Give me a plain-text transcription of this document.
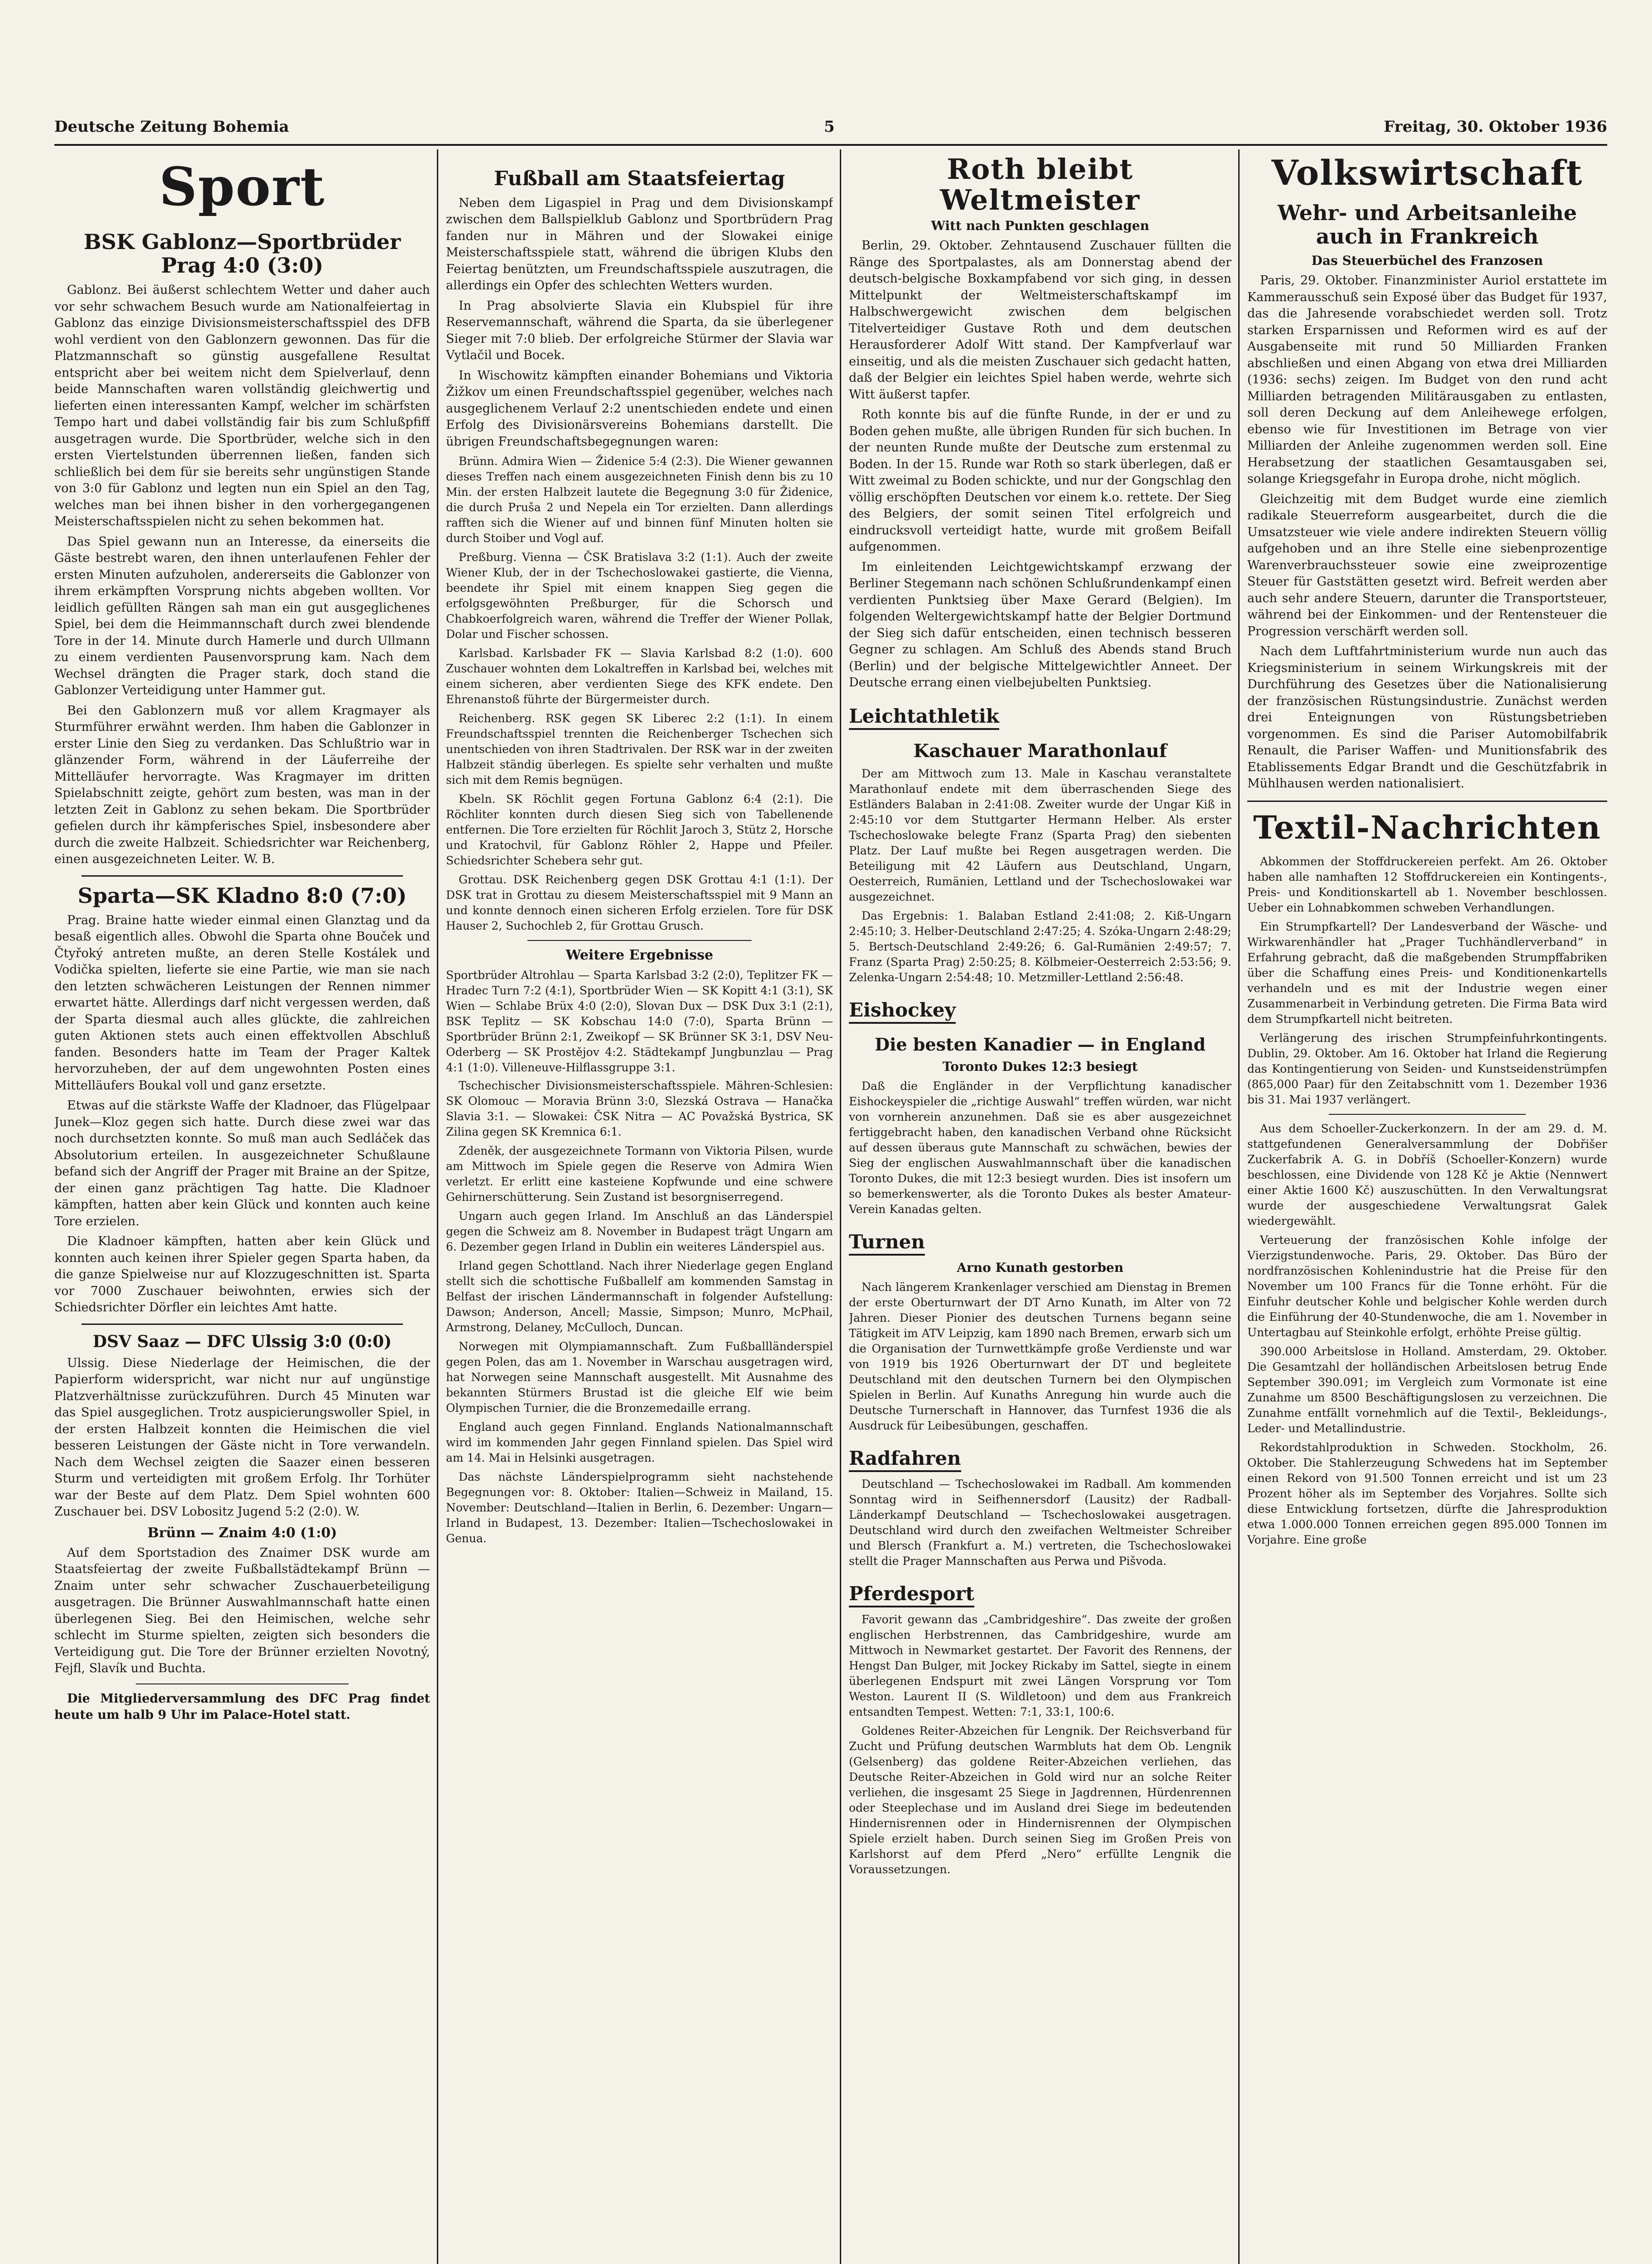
Deutsche Zeitung Bohemia	5	Freitag, 30. Oktober 1936
Sport
BSK Gablonz—Sportbrüder Prag 4:0 (3:0)

Gablonz. Bei äußerst schlechtem Wetter und daher auch vor sehr schwachem Besuch wurde am Nationalfeiertag in Gablonz das einzige Divisionsmeisterschaftsspiel des DFB wohl verdient von den Gablonzern gewonnen. Das für die Platzmannschaft so günstig ausgefallene Resultat entspricht aber bei weitem nicht dem Spielverlauf, denn beide Mannschaften waren vollständig gleichwertig und lieferten einen interessanten Kampf, welcher im schärfsten Tempo hart und dabei vollständig fair bis zum Schlußpfiff ausgetragen wurde. Die Sportbrüder, welche sich in den ersten Viertelstunden überrennen ließen, fanden sich schließlich bei dem für sie bereits sehr ungünstigen Stande von 3:0 für Gablonz und legten nun ein Spiel an den Tag, welches man bei ihnen bisher in den vorhergegangenen Meisterschaftsspielen nicht zu sehen bekommen hat.

Das Spiel gewann nun an Interesse, da einerseits die Gäste bestrebt waren, den ihnen unterlaufenen Fehler der ersten Minuten aufzuholen, andererseits die Gablonzer von ihrem erkämpften Vorsprung nichts abgeben wollten. Vor leidlich gefüllten Rängen sah man ein gut ausgeglichenes Spiel, bei dem die Heimmannschaft durch zwei blendende Tore in der 14. Minute durch Hamerle und durch Ullmann zu einem verdienten Pausenvorsprung kam. Nach dem Wechsel drängten die Prager stark, doch stand die Gablonzer Verteidigung unter Hammer gut.

Bei den Gablonzern muß vor allem Kragmayer als Sturmführer erwähnt werden. Ihm haben die Gablonzer in erster Linie den Sieg zu verdanken. Das Schlußtrio war in glänzender Form, während in der Läuferreihe der Mittelläufer hervorragte. Was Kragmayer im dritten Spielabschnitt zeigte, gehört zum besten, was man in der letzten Zeit in Gablonz zu sehen bekam. Die Sportbrüder gefielen durch ihr kämpferisches Spiel, insbesondere aber durch die zweite Halbzeit. Schiedsrichter war Reichenberg, einen ausgezeichneten Leiter. W. B.

Sparta—SK Kladno 8:0 (7:0)

Prag. Braine hatte wieder einmal einen Glanztag und da besaß eigentlich alles. Obwohl die Sparta ohne Bouček und Čtyřoký antreten mußte, an deren Stelle Kostálek und Vodička spielten, lieferte sie eine Partie, wie man sie nach den letzten schwächeren Leistungen der Rennen nimmer erwartet hätte. Allerdings darf nicht vergessen werden, daß der Sparta diesmal auch alles glückte, die zahlreichen guten Aktionen stets auch einen effektvollen Abschluß fanden. Besonders hatte im Team der Prager Kaltek hervorzuheben, der auf dem ungewohnten Posten eines Mittelläufers Boukal voll und ganz ersetzte.

Etwas auf die stärkste Waffe der Kladnoer, das Flügelpaar Junek—Kloz gegen sich hatte. Durch diese zwei war das noch durchsetzten konnte. So muß man auch Sedláček das Absolutorium erteilen. In ausgezeichneter Schußlaune befand sich der Angriff der Prager mit Braine an der Spitze, der einen ganz prächtigen Tag hatte. Die Kladnoer kämpften, hatten aber kein Glück und konnten auch keine Tore erzielen.

Die Kladnoer kämpften, hatten aber kein Glück und konnten auch keinen ihrer Spieler gegen Sparta haben, da die ganze Spielweise nur auf Klozzugeschnitten ist. Sparta vor 7000 Zuschauer beiwohnten, erwies sich der Schiedsrichter Dörfler ein leichtes Amt hatte.

DSV Saaz — DFC Ulssig 3:0 (0:0)

Ulssig. Diese Niederlage der Heimischen, die der Papierform widerspricht, war nicht nur auf ungünstige Platzverhältnisse zurückzuführen. Durch 45 Minuten war das Spiel ausgeglichen. Trotz auspicierungswoller Spiel, in der ersten Halbzeit konnten die Heimischen die viel besseren Leistungen der Gäste nicht in Tore verwandeln. Nach dem Wechsel zeigten die Saazer einen besseren Sturm und verteidigten mit großem Erfolg. Ihr Torhüter war der Beste auf dem Platz. Dem Spiel wohnten 600 Zuschauer bei. DSV Lobositz Jugend 5:2 (2:0). W.

Brünn — Znaim 4:0 (1:0)

Auf dem Sportstadion des Znaimer DSK wurde am Staatsfeiertag der zweite Fußballstädtekampf Brünn — Znaim unter sehr schwacher Zuschauerbeteiligung ausgetragen. Die Brünner Auswahlmannschaft hatte einen überlegenen Sieg. Bei den Heimischen, welche sehr schlecht im Sturme spielten, zeigten sich besonders die Verteidigung gut. Die Tore der Brünner erzielten Novotný, Fejfl, Slavík und Buchta.

Die Mitgliederversammlung des DFC Prag findet heute um halb 9 Uhr im Palace-Hotel statt.

Fußball am Staatsfeiertag

Neben dem Ligaspiel in Prag und dem Divisionskampf zwischen dem Ballspielklub Gablonz und Sportbrüdern Prag fanden nur in Mähren und der Slowakei einige Meisterschaftsspiele statt, während die übrigen Klubs den Feiertag benützten, um Freundschaftsspiele auszutragen, die allerdings ein Opfer des schlechten Wetters wurden.

In Prag absolvierte Slavia ein Klubspiel für ihre Reservemannschaft, während die Sparta, da sie überlegener Sieger mit 7:0 blieb. Der erfolgreiche Stürmer der Slavia war Vytlačil und Bocek.

In Wischowitz kämpften einander Bohemians und Viktoria Žižkov um einen Freundschaftsspiel gegenüber, welches nach ausgeglichenem Verlauf 2:2 unentschieden endete und einen Erfolg des Divisionärsvereins Bohemians darstellt. Die übrigen Freundschaftsbegegnungen waren:

Brünn. Admira Wien — Židenice 5:4 (2:3). Die Wiener gewannen dieses Treffen nach einem ausgezeichneten Finish denn bis zu 10 Min. der ersten Halbzeit lautete die Begegnung 3:0 für Židenice, die durch Pruša 2 und Nepela ein Tor erzielten. Dann allerdings rafften sich die Wiener auf und binnen fünf Minuten holten sie durch Stoiber und Vogl auf.

Preßburg. Vienna — ČSK Bratislava 3:2 (1:1). Auch der zweite Wiener Klub, der in der Tschechoslowakei gastierte, die Vienna, beendete ihr Spiel mit einem knappen Sieg gegen die erfolgsgewöhnten Preßburger, für die Schorsch und Chabkoerfolgreich waren, während die Treffer der Wiener Pollak, Dolar und Fischer schossen.

Karlsbad. Karlsbader FK — Slavia Karlsbad 8:2 (1:0). 600 Zuschauer wohnten dem Lokaltreffen in Karlsbad bei, welches mit einem sicheren, aber verdienten Siege des KFK endete. Den Ehrenanstoß führte der Bürgermeister durch.

Reichenberg. RSK gegen SK Liberec 2:2 (1:1). In einem Freundschaftsspiel trennten die Reichenberger Tschechen sich unentschieden von ihren Stadtrivalen. Der RSK war in der zweiten Halbzeit ständig überlegen. Es spielte sehr verhalten und mußte sich mit dem Remis begnügen.

Kbeln. SK Röchlit gegen Fortuna Gablonz 6:4 (2:1). Die Röchliter konnten durch diesen Sieg sich von Tabellenende entfernen. Die Tore erzielten für Röchlit Jaroch 3, Stütz 2, Horsche und Kratochvil, für Gablonz Röhler 2, Happe und Pfeiler. Schiedsrichter Schebera sehr gut.

Grottau. DSK Reichenberg gegen DSK Grottau 4:1 (1:1). Der DSK trat in Grottau zu diesem Meisterschaftsspiel mit 9 Mann an und konnte dennoch einen sicheren Erfolg erzielen. Tore für DSK Hauser 2, Suchochleb 2, für Grottau Grusch.

Weitere Ergebnisse

Sportbrüder Altrohlau — Sparta Karlsbad 3:2 (2:0), Teplitzer FK — Hradec Turn 7:2 (4:1), Sportbrüder Wien — SK Kopitt 4:1 (3:1), SK Wien — Schlabe Brüx 4:0 (2:0), Slovan Dux — DSK Dux 3:1 (2:1), BSK Teplitz — SK Kobschau 14:0 (7:0), Sparta Brünn — Sportbrüder Brünn 2:1, Zweikopf — SK Brünner SK 3:1, DSV Neu-Oderberg — SK Prostějov 4:2. Städtekampf Jungbunzlau — Prag 4:1 (1:0). Villeneuve-Hilflassgruppe 3:1.

Tschechischer Divisionsmeisterschaftsspiele. Mähren-Schlesien: SK Olomouc — Moravia Brünn 3:0, Slezská Ostrava — Hanačka Slavia 3:1. — Slowakei: ČSK Nitra — AC Považská Bystrica, SK Zilina gegen SK Kremnica 6:1.

Zdeněk, der ausgezeichnete Tormann von Viktoria Pilsen, wurde am Mittwoch im Spiele gegen die Reserve von Admira Wien verletzt. Er erlitt eine kasteiene Kopfwunde und eine schwere Gehirnerschütterung. Sein Zustand ist besorgniserregend.

Ungarn auch gegen Irland. Im Anschluß an das Länderspiel gegen die Schweiz am 8. November in Budapest trägt Ungarn am 6. Dezember gegen Irland in Dublin ein weiteres Länderspiel aus.

Irland gegen Schottland. Nach ihrer Niederlage gegen England stellt sich die schottische Fußballelf am kommenden Samstag in Belfast der irischen Ländermannschaft in folgender Aufstellung: Dawson; Anderson, Ancell; Massie, Simpson; Munro, McPhail, Armstrong, Delaney, McCulloch, Duncan.

Norwegen mit Olympiamannschaft. Zum Fußballländerspiel gegen Polen, das am 1. November in Warschau ausgetragen wird, hat Norwegen seine Mannschaft ausgestellt. Mit Ausnahme des bekannten Stürmers Brustad ist die gleiche Elf wie beim Olympischen Turnier, die die Bronzemedaille errang.

England auch gegen Finnland. Englands Nationalmannschaft wird im kommenden Jahr gegen Finnland spielen. Das Spiel wird am 14. Mai in Helsinki ausgetragen.

Das nächste Länderspielprogramm sieht nachstehende Begegnungen vor: 8. Oktober: Italien—Schweiz in Mailand, 15. November: Deutschland—Italien in Berlin, 6. Dezember: Ungarn—Irland in Budapest, 13. Dezember: Italien—Tschechoslowakei in Genua.

Roth bleibt Weltmeister
Witt nach Punkten geschlagen

Berlin, 29. Oktober. Zehntausend Zuschauer füllten die Ränge des Sportpalastes, als am Donnerstag abend der deutsch-belgische Boxkampfabend vor sich ging, in dessen Mittelpunkt der Weltmeisterschaftskampf im Halbschwergewicht zwischen dem belgischen Titelverteidiger Gustave Roth und dem deutschen Herausforderer Adolf Witt stand. Der Kampfverlauf war einseitig, und als die meisten Zuschauer sich gedacht hatten, daß der Belgier ein leichtes Spiel haben werde, wehrte sich Witt äußerst tapfer.

Roth konnte bis auf die fünfte Runde, in der er und zu Boden gehen mußte, alle übrigen Runden für sich buchen. In der neunten Runde mußte der Deutsche zum erstenmal zu Boden. In der 15. Runde war Roth so stark überlegen, daß er Witt zweimal zu Boden schickte, und nur der Gongschlag den völlig erschöpften Deutschen vor einem k.o. rettete. Der Sieg des Belgiers, der somit seinen Titel erfolgreich und eindrucksvoll verteidigt hatte, wurde mit großem Beifall aufgenommen.

Im einleitenden Leichtgewichtskampf erzwang der Berliner Stegemann nach schönen Schlußrundenkampf einen verdienten Punktsieg über Maxe Gerard (Belgien). Im folgenden Weltergewichtskampf hatte der Belgier Dortmund der Sieg sich dafür entscheiden, einen technisch besseren Gegner zu schlagen. Am Schluß des Abends stand Bruch (Berlin) und der belgische Mittelgewichtler Anneet. Der Deutsche errang einen vielbejubelten Punktsieg.

Leichtathletik
Kaschauer Marathonlauf

Der am Mittwoch zum 13. Male in Kaschau veranstaltete Marathonlauf endete mit dem überraschenden Siege des Estländers Balaban in 2:41:08. Zweiter wurde der Ungar Kiß in 2:45:10 vor dem Stuttgarter Hermann Helber. Als erster Tschechoslowake belegte Franz (Sparta Prag) den siebenten Platz. Der Lauf mußte bei Regen ausgetragen werden. Die Beteiligung mit 42 Läufern aus Deutschland, Ungarn, Oesterreich, Rumänien, Lettland und der Tschechoslowakei war ausgezeichnet.

Das Ergebnis: 1. Balaban Estland 2:41:08; 2. Kiß-Ungarn 2:45:10; 3. Helber-Deutschland 2:47:25; 4. Szóka-Ungarn 2:48:29; 5. Bertsch-Deutschland 2:49:26; 6. Gal-Rumänien 2:49:57; 7. Franz (Sparta Prag) 2:50:25; 8. Kölbmeier-Oesterreich 2:53:56; 9. Zelenka-Ungarn 2:54:48; 10. Metzmiller-Lettland 2:56:48.

Eishockey
Die besten Kanadier — in England
Toronto Dukes 12:3 besiegt

Daß die Engländer in der Verpflichtung kanadischer Eishockeyspieler die „richtige Auswahl“ treffen würden, war nicht von vornherein anzunehmen. Daß sie es aber ausgezeichnet fertiggebracht haben, den kanadischen Verband ohne Rücksicht auf dessen überaus gute Mannschaft zu schwächen, bewies der Sieg der englischen Auswahlmannschaft über die kanadischen Toronto Dukes, die mit 12:3 besiegt wurden. Dies ist insofern um so bemerkenswerter, als die Toronto Dukes als bester Amateur-Verein Kanadas gelten.

Turnen
Arno Kunath gestorben

Nach längerem Krankenlager verschied am Dienstag in Bremen der erste Oberturnwart der DT Arno Kunath, im Alter von 72 Jahren. Dieser Pionier des deutschen Turnens begann seine Tätigkeit im ATV Leipzig, kam 1890 nach Bremen, erwarb sich um die Organisation der Turnwettkämpfe große Verdienste und war von 1919 bis 1926 Oberturnwart der DT und begleitete Deutschland mit den deutschen Turnern bei den Olympischen Spielen in Berlin. Auf Kunaths Anregung hin wurde auch die Deutsche Turnerschaft in Hannover, das Turnfest 1936 die als Ausdruck für Leibesübungen, geschaffen.

Radfahren

Deutschland — Tschechoslowakei im Radball. Am kommenden Sonntag wird in Seifhennersdorf (Lausitz) der Radball-Länderkampf Deutschland — Tschechoslowakei ausgetragen. Deutschland wird durch den zweifachen Weltmeister Schreiber und Blersch (Frankfurt a. M.) vertreten, die Tschechoslowakei stellt die Prager Mannschaften aus Perwa und Pišvoda.

Pferdesport

Favorit gewann das „Cambridgeshire“. Das zweite der großen englischen Herbstrennen, das Cambridgeshire, wurde am Mittwoch in Newmarket gestartet. Der Favorit des Rennens, der Hengst Dan Bulger, mit Jockey Rickaby im Sattel, siegte in einem überlegenen Endspurt mit zwei Längen Vorsprung vor Tom Weston. Laurent II (S. Wildletoon) und dem aus Frankreich entsandten Tempest. Wetten: 7:1, 33:1, 100:6.

Goldenes Reiter-Abzeichen für Lengnik. Der Reichsverband für Zucht und Prüfung deutschen Warmbluts hat dem Ob. Lengnik (Gelsenberg) das goldene Reiter-Abzeichen verliehen, das Deutsche Reiter-Abzeichen in Gold wird nur an solche Reiter verliehen, die insgesamt 25 Siege in Jagdrennen, Hürdenrennen oder Steeplechase und im Ausland drei Siege im bedeutenden Hindernisrennen oder in Hindernisrennen der Olympischen Spiele erzielt haben. Durch seinen Sieg im Großen Preis von Karlshorst auf dem Pferd „Nero“ erfüllte Lengnik die Voraussetzungen.

Volkswirtschaft
Wehr- und Arbeitsanleihe auch in Frankreich
Das Steuerbüchel des Franzosen

Paris, 29. Oktober. Finanzminister Auriol erstattete im Kammerausschuß sein Exposé über das Budget für 1937, das die Jahresende vorabschiedet werden soll. Trotz starken Ersparnissen und Reformen wird es auf der Ausgabenseite mit rund 50 Milliarden Franken abschließen und einen Abgang von etwa drei Milliarden (1936: sechs) zeigen. Im Budget von den rund acht Milliarden betragenden Militärausgaben zu entlasten, soll deren Deckung auf dem Anleihewege erfolgen, ebenso wie für Investitionen im Betrage von vier Milliarden der Anleihe zugenommen werden soll. Eine Herabsetzung der staatlichen Gesamtausgaben sei, solange Kriegsgefahr in Europa drohe, nicht möglich.

Gleichzeitig mit dem Budget wurde eine ziemlich radikale Steuerreform ausgearbeitet, durch die die Umsatzsteuer wie viele andere indirekten Steuern völlig aufgehoben und an ihre Stelle eine siebenprozentige Warenverbrauchssteuer sowie eine zweiprozentige Steuer für Gaststätten gesetzt wird. Befreit werden aber auch sehr andere Steuern, darunter die Transportsteuer, während bei der Einkommen- und der Rentensteuer die Progression verschärft werden soll.

Nach dem Luftfahrtministerium wurde nun auch das Kriegsministerium in seinem Wirkungskreis mit der Durchführung des Gesetzes über die Nationalisierung der französischen Rüstungsindustrie. Zunächst werden drei Enteignungen von Rüstungsbetrieben vorgenommen. Es sind die Pariser Automobilfabrik Renault, die Pariser Waffen- und Munitionsfabrik des Etablissements Edgar Brandt und die Geschützfabrik in Mühlhausen werden nationalisiert.

Textil-Nachrichten

Abkommen der Stoffdruckereien perfekt. Am 26. Oktober haben alle namhaften 12 Stoffdruckereien ein Kontingents-, Preis- und Konditionskartell ab 1. November beschlossen. Ueber ein Lohnabkommen schweben Verhandlungen.

Ein Strumpfkartell? Der Landesverband der Wäsche- und Wirkwarenhändler hat „Prager Tuchhändlerverband“ in Erfahrung gebracht, daß die maßgebenden Strumpffabriken über die Schaffung eines Preis- und Konditionenkartells verhandeln und es mit der Industrie wegen einer Zusammenarbeit in Verbindung getreten. Die Firma Bata wird dem Strumpfkartell nicht beitreten.

Verlängerung des irischen Strumpfeinfuhrkontingents. Dublin, 29. Oktober. Am 16. Oktober hat Irland die Regierung das Kontingentierung von Seiden- und Kunstseidenstrümpfen (865,000 Paar) für den Zeitabschnitt vom 1. Dezember 1936 bis 31. Mai 1937 verlängert.

Aus dem Schoeller-Zuckerkonzern. In der am 29. d. M. stattgefundenen Generalversammlung der Dobřišer Zuckerfabrik A. G. in Dobříš (Schoeller-Konzern) wurde beschlossen, eine Dividende von 128 Kč je Aktie (Nennwert einer Aktie 1600 Kč) auszuschütten. In den Verwaltungsrat wurde der ausgeschiedene Verwaltungsrat Galek wiedergewählt.

Verteuerung der französischen Kohle infolge der Vierzigstundenwoche. Paris, 29. Oktober. Das Büro der nordfranzösischen Kohlenindustrie hat die Preise für den November um 100 Francs für die Tonne erhöht. Für die Einfuhr deutscher Kohle und belgischer Kohle werden durch die Einführung der 40-Stundenwoche, die am 1. November in Untertagbau auf Steinkohle erfolgt, erhöhte Preise gültig.

390.000 Arbeitslose in Holland. Amsterdam, 29. Oktober. Die Gesamtzahl der holländischen Arbeitslosen betrug Ende September 390.091; im Vergleich zum Vormonate ist eine Zunahme um 8500 Beschäftigungslosen zu verzeichnen. Die Zunahme entfällt vornehmlich auf die Textil-, Bekleidungs-, Leder- und Metallindustrie.

Rekordstahlproduktion in Schweden. Stockholm, 26. Oktober. Die Stahlerzeugung Schwedens hat im September einen Rekord von 91.500 Tonnen erreicht und ist um 23 Prozent höher als im September des Vorjahres. Sollte sich diese Entwicklung fortsetzen, dürfte die Jahresproduktion etwa 1.000.000 Tonnen erreichen gegen 895.000 Tonnen im Vorjahre. Eine große
